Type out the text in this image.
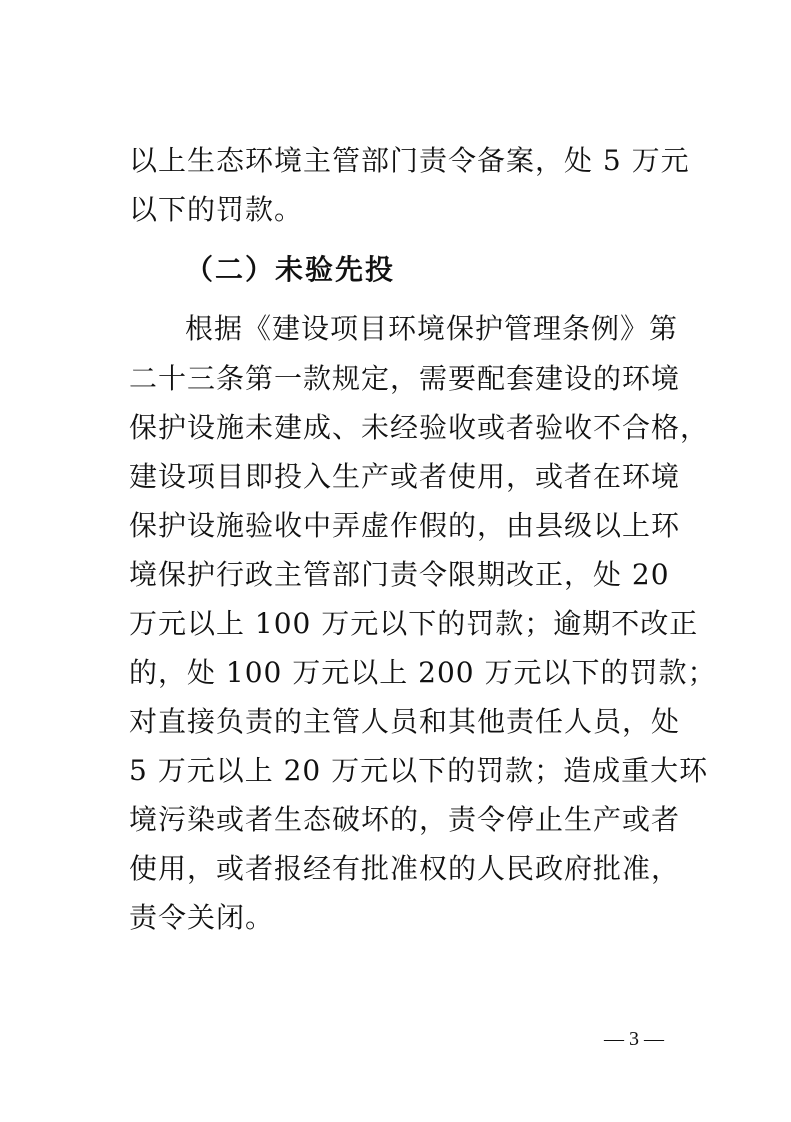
以上生态环境主管部门责令备案，处 5 万元
以下的罚款。
（二）未验先投
根据《建设项目环境保护管理条例》第
二十三条第一款规定，需要配套建设的环境
保护设施未建成、未经验收或者验收不合格，
建设项目即投入生产或者使用，或者在环境
保护设施验收中弄虚作假的，由县级以上环
境保护行政主管部门责令限期改正，处 20
万元以上 100 万元以下的罚款；逾期不改正
的，处 100 万元以上 200 万元以下的罚款；
对直接负责的主管人员和其他责任人员，处
5 万元以上 20 万元以下的罚款；造成重大环
境污染或者生态破坏的，责令停止生产或者
使用，或者报经有批准权的人民政府批准，
责令关闭。
— 3 —
